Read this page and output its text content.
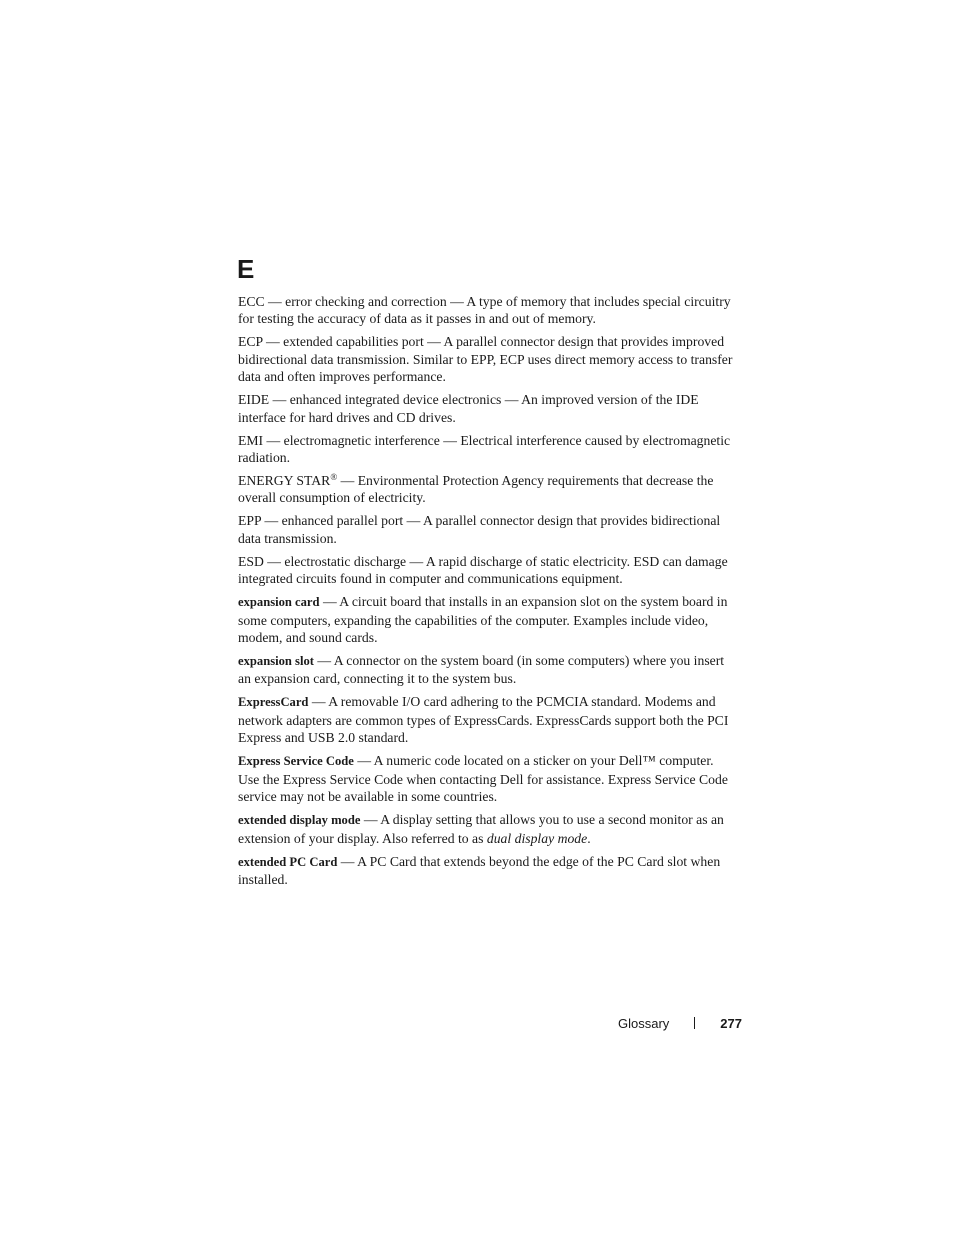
E

ECC — error checking and correction — A type of memory that includes special circuitry for testing the accuracy of data as it passes in and out of memory.

ECP — extended capabilities port — A parallel connector design that provides improved bidirectional data transmission. Similar to EPP, ECP uses direct memory access to transfer data and often improves performance.

EIDE — enhanced integrated device electronics — An improved version of the IDE interface for hard drives and CD drives.

EMI — electromagnetic interference — Electrical interference caused by electromagnetic radiation.

ENERGY STAR® — Environmental Protection Agency requirements that decrease the overall consumption of electricity.

EPP — enhanced parallel port — A parallel connector design that provides bidirectional data transmission.

ESD — electrostatic discharge — A rapid discharge of static electricity. ESD can damage integrated circuits found in computer and communications equipment.

expansion card — A circuit board that installs in an expansion slot on the system board in some computers, expanding the capabilities of the computer. Examples include video, modem, and sound cards.

expansion slot — A connector on the system board (in some computers) where you insert an expansion card, connecting it to the system bus.

ExpressCard — A removable I/O card adhering to the PCMCIA standard. Modems and network adapters are common types of ExpressCards. ExpressCards support both the PCI Express and USB 2.0 standard.

Express Service Code — A numeric code located on a sticker on your Dell™ computer. Use the Express Service Code when contacting Dell for assistance. Express Service Code service may not be available in some countries.

extended display mode — A display setting that allows you to use a second monitor as an extension of your display. Also referred to as dual display mode.

extended PC Card — A PC Card that extends beyond the edge of the PC Card slot when installed.

Glossary	277
